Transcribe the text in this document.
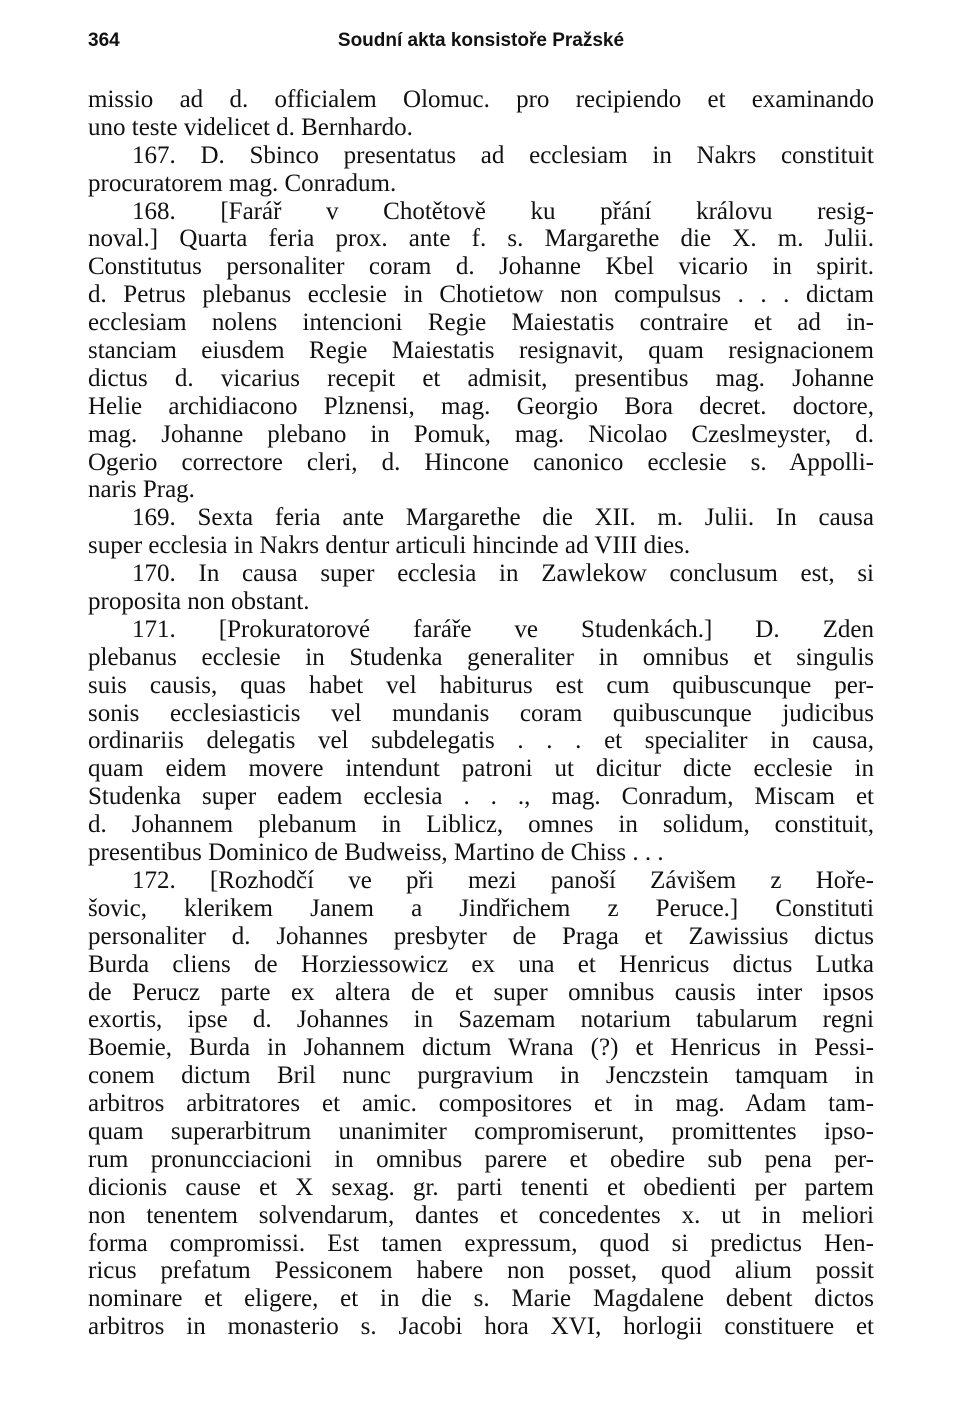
364	Soudní akta konsistoře Pražské
missio ad d. officialem Olomuc. pro recipiendo et examinando
uno teste videlicet d. Bernhardo.
167. D. Sbinco presentatus ad ecclesiam in Nakrs constituit
procuratorem mag. Conradum.
168. [Farář v Chotětově ku přání královu resig-
noval.] Quarta feria prox. ante f. s. Margarethe die X. m. Julii.
Constitutus personaliter coram d. Johanne Kbel vicario in spirit.
d. Petrus plebanus ecclesie in Chotietow non compulsus . . . dictam
ecclesiam nolens intencioni Regie Maiestatis contraire et ad in-
stanciam eiusdem Regie Maiestatis resignavit, quam resignacionem
dictus d. vicarius recepit et admisit, presentibus mag. Johanne
Helie archidiacono Plznensi, mag. Georgio Bora decret. doctore,
mag. Johanne plebano in Pomuk, mag. Nicolao Czeslmeyster, d.
Ogerio correctore cleri, d. Hincone canonico ecclesie s. Appolli-
naris Prag.
169. Sexta feria ante Margarethe die XII. m. Julii. In causa
super ecclesia in Nakrs dentur articuli hincinde ad VIII dies.
170. In causa super ecclesia in Zawlekow conclusum est, si
proposita non obstant.
171. [Prokuratorové faráře ve Studenkách.] D. Zden
plebanus ecclesie in Studenka generaliter in omnibus et singulis
suis causis, quas habet vel habiturus est cum quibuscunque per-
sonis ecclesiasticis vel mundanis coram quibuscunque judicibus
ordinariis delegatis vel subdelegatis . . . et specialiter in causa,
quam eidem movere intendunt patroni ut dicitur dicte ecclesie in
Studenka super eadem ecclesia . . ., mag. Conradum, Miscam et
d. Johannem plebanum in Liblicz, omnes in solidum, constituit,
presentibus Dominico de Budweiss, Martino de Chiss . . .
172. [Rozhodčí ve při mezi panoší Závišem z Hoře-
šovic, klerikem Janem a Jindřichem z Peruce.] Constituti
personaliter d. Johannes presbyter de Praga et Zawissius dictus
Burda cliens de Horziessowicz ex una et Henricus dictus Lutka
de Perucz parte ex altera de et super omnibus causis inter ipsos
exortis, ipse d. Johannes in Sazemam notarium tabularum regni
Boemie, Burda in Johannem dictum Wrana (?) et Henricus in Pessi-
conem dictum Bril nunc purgravium in Jenczstein tamquam in
arbitros arbitratores et amic. compositores et in mag. Adam tam-
quam superarbitrum unanimiter compromiserunt, promittentes ipso-
rum pronuncciacioni in omnibus parere et obedire sub pena per-
dicionis cause et X sexag. gr. parti tenenti et obedienti per partem
non tenentem solvendarum, dantes et concedentes x. ut in meliori
forma compromissi. Est tamen expressum, quod si predictus Hen-
ricus prefatum Pessiconem habere non posset, quod alium possit
nominare et eligere, et in die s. Marie Magdalene debent dictos
arbitros in monasterio s. Jacobi hora XVI, horlogii constituere et
